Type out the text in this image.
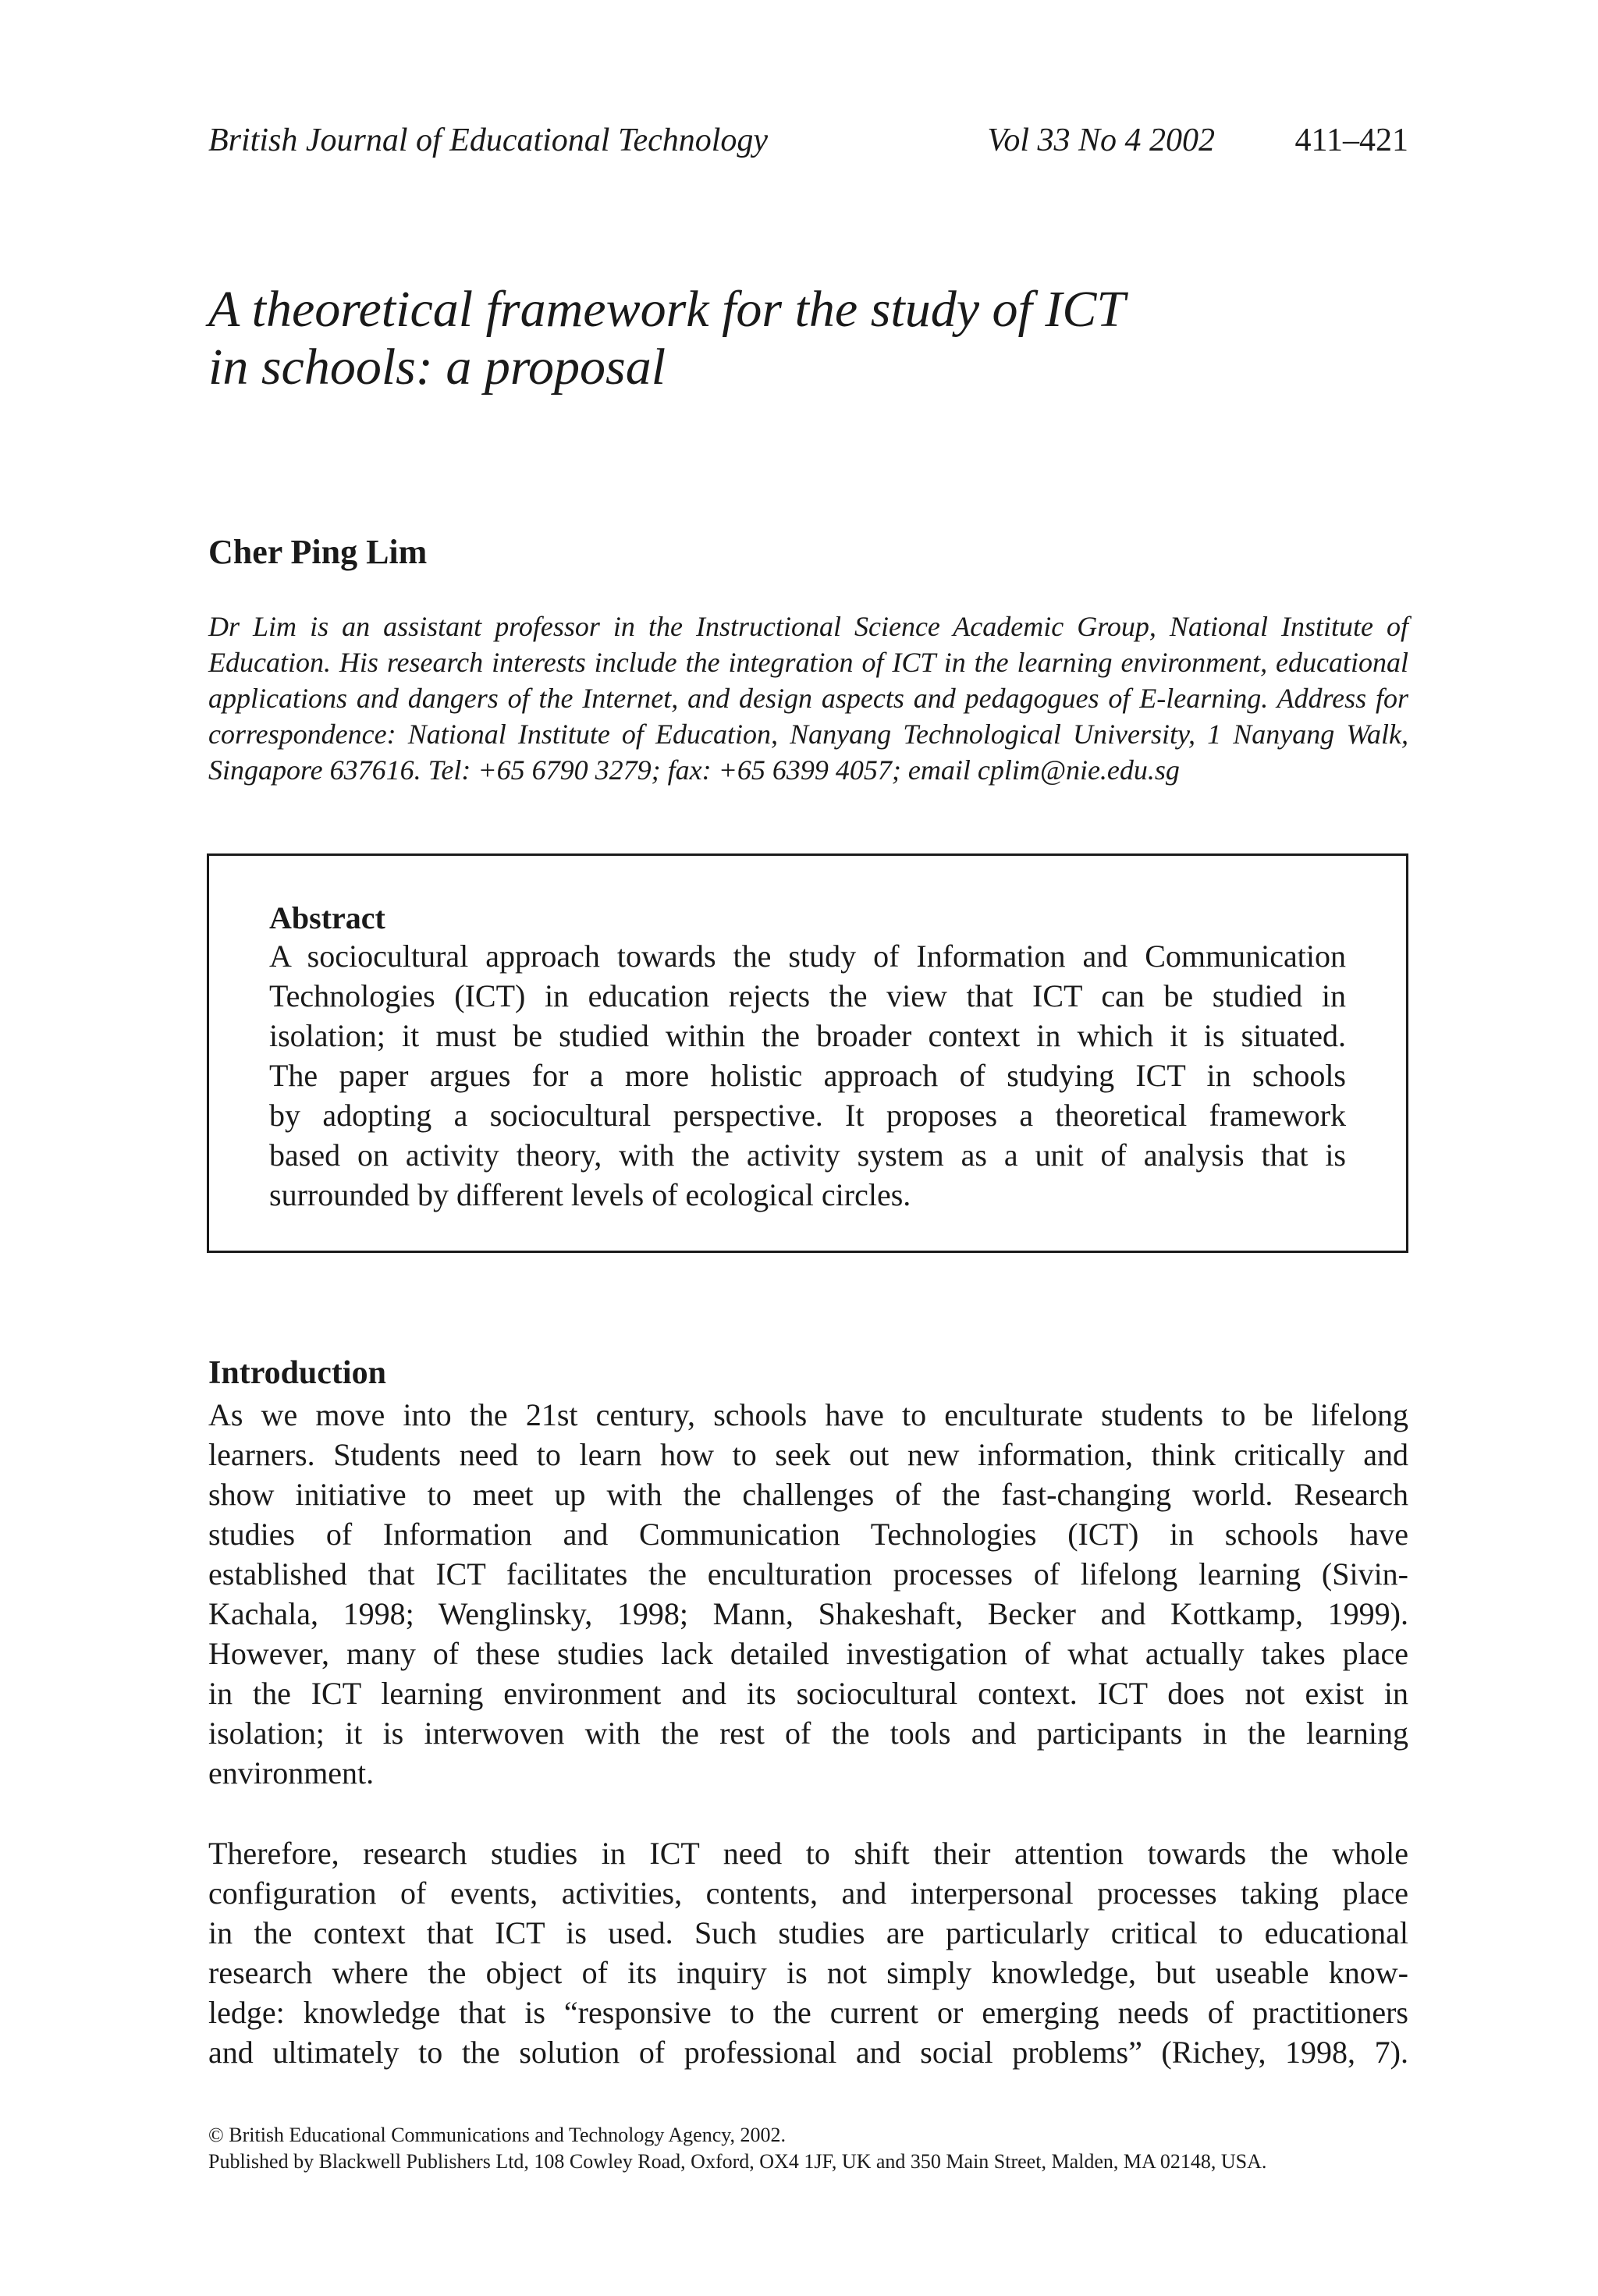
British Journal of Educational Technology	Vol 33 No 4 2002 411–421
A theoretical framework for the study of ICT
in schools: a proposal
Cher Ping Lim

Dr Lim is an assistant professor in the Instructional Science Academic Group, National Institute of
Education. His research interests include the integration of ICT in the learning environment, educational
applications and dangers of the Internet, and design aspects and pedagogues of E-learning. Address for
correspondence: National Institute of Education, Nanyang Technological University, 1 Nanyang Walk,
Singapore 637616. Tel: +65 6790 3279; fax: +65 6399 4057; email cplim@nie.edu.sg

Abstract

A sociocultural approach towards the study of Information and Communication
Technologies (ICT) in education rejects the view that ICT can be studied in
isolation; it must be studied within the broader context in which it is situated.
The paper argues for a more holistic approach of studying ICT in schools
by adopting a sociocultural perspective. It proposes a theoretical framework
based on activity theory, with the activity system as a unit of analysis that is
surrounded by different levels of ecological circles.

Introduction

As we move into the 21st century, schools have to enculturate students to be lifelong
learners. Students need to learn how to seek out new information, think critically and
show initiative to meet up with the challenges of the fast-changing world. Research
studies of Information and Communication Technologies (ICT) in schools have
established that ICT facilitates the enculturation processes of lifelong learning (Sivin-
Kachala, 1998; Wenglinsky, 1998; Mann, Shakeshaft, Becker and Kottkamp, 1999).
However, many of these studies lack detailed investigation of what actually takes place
in the ICT learning environment and its sociocultural context. ICT does not exist in
isolation; it is interwoven with the rest of the tools and participants in the learning
environment.

Therefore, research studies in ICT need to shift their attention towards the whole
configuration of events, activities, contents, and interpersonal processes taking place
in the context that ICT is used. Such studies are particularly critical to educational
research where the object of its inquiry is not simply knowledge, but useable know-
ledge: knowledge that is “responsive to the current or emerging needs of practitioners
and ultimately to the solution of professional and social problems” (Richey, 1998, 7).

© British Educational Communications and Technology Agency, 2002.
Published by Blackwell Publishers Ltd, 108 Cowley Road, Oxford, OX4 1JF, UK and 350 Main Street, Malden, MA 02148, USA.
